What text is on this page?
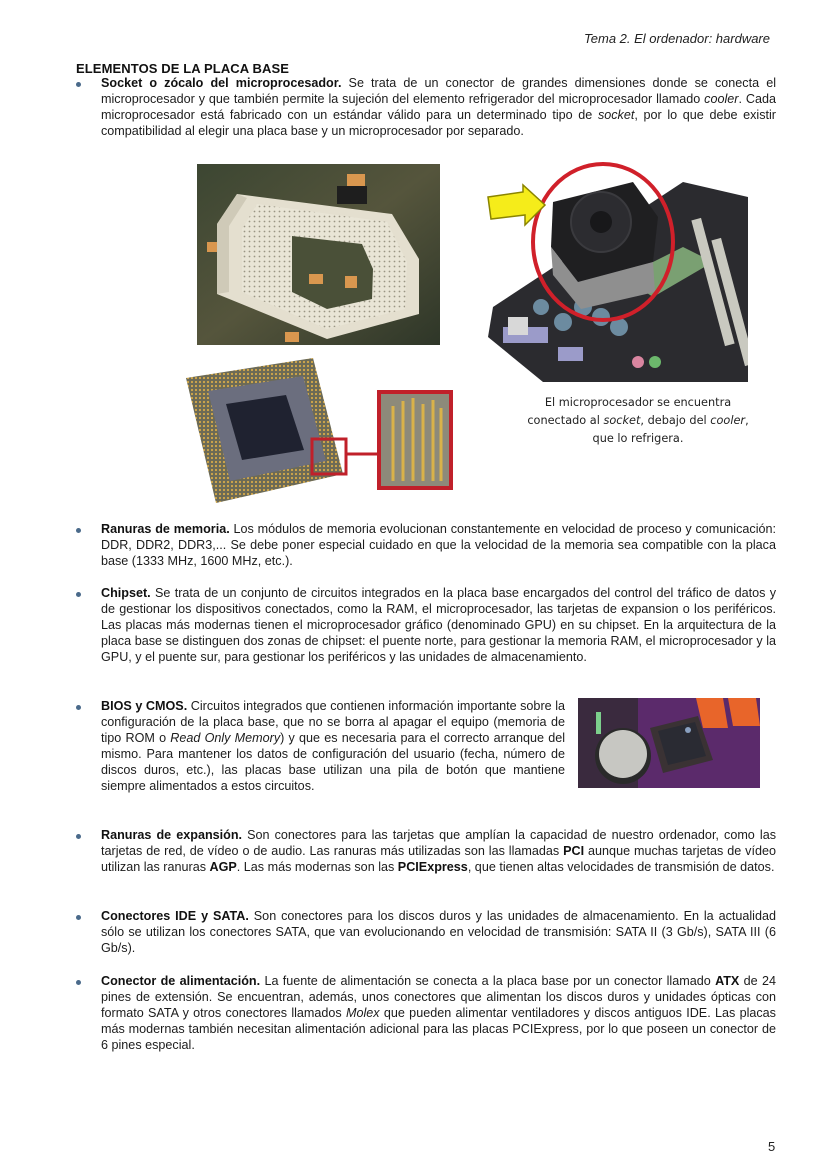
Tema 2. El ordenador: hardware
ELEMENTOS DE LA PLACA BASE
Socket o zócalo del microprocesador. Se trata de un conector de grandes dimensiones donde se conecta el microprocesador y que también permite la sujeción del elemento refrigerador del microprocesador llamado cooler. Cada microprocesador está fabricado con un estándar válido para un determinado tipo de socket, por lo que debe existir compatibilidad al elegir una placa base y un microprocesador por separado.
El microprocesador se encuentra conectado al socket, debajo del cooler, que lo refrigera.
Ranuras de memoria. Los módulos de memoria evolucionan constantemente en velocidad de proceso y comunicación: DDR, DDR2, DDR3,... Se debe poner especial cuidado en que la velocidad de la memoria sea compatible con la placa base (1333 MHz, 1600 MHz, etc.).
Chipset. Se trata de un conjunto de circuitos integrados en la placa base encargados del control del tráfico de datos y de gestionar los dispositivos conectados, como la RAM, el microprocesador, las tarjetas de expansion o los periféricos. Las placas más modernas tienen el microprocesador gráfico (denominado GPU) en su chipset. En la arquitectura de la placa base se distinguen dos zonas de chipset: el puente norte, para gestionar la memoria RAM, el microprocesador y la GPU, y el puente sur, para gestionar los periféricos y las unidades de almacenamiento.
BIOS y CMOS. Circuitos integrados que contienen información importante sobre la configuración de la placa base, que no se borra al apagar el equipo (memoria de tipo ROM o Read Only Memory) y que es necesaria para el correcto arranque del mismo. Para mantener los datos de configuración del usuario (fecha, número de discos duros, etc.), las placas base utilizan una pila de botón que mantiene siempre alimentados a estos circuitos.
Ranuras de expansión. Son conectores para las tarjetas que amplían la capacidad de nuestro ordenador, como las tarjetas de red, de vídeo o de audio. Las ranuras más utilizadas son las llamadas PCI aunque muchas tarjetas de vídeo utilizan las ranuras AGP. Las más modernas son las PCIExpress, que tienen altas velocidades de transmisión de datos.
Conectores IDE y SATA. Son conectores para los discos duros y las unidades de almacenamiento. En la actualidad sólo se utilizan los conectores SATA, que van evolucionando en velocidad de transmisión: SATA II (3 Gb/s), SATA III (6 Gb/s).
Conector de alimentación. La fuente de alimentación se conecta a la placa base por un conector llamado ATX de 24 pines de extensión. Se encuentran, además, unos conectores que alimentan los discos duros y unidades ópticas con formato SATA y otros conectores llamados Molex que pueden alimentar ventiladores y discos antiguos IDE. Las placas más modernas también necesitan alimentación adicional para las placas PCIExpress, por lo que poseen un conector de 6 pines especial.
5
